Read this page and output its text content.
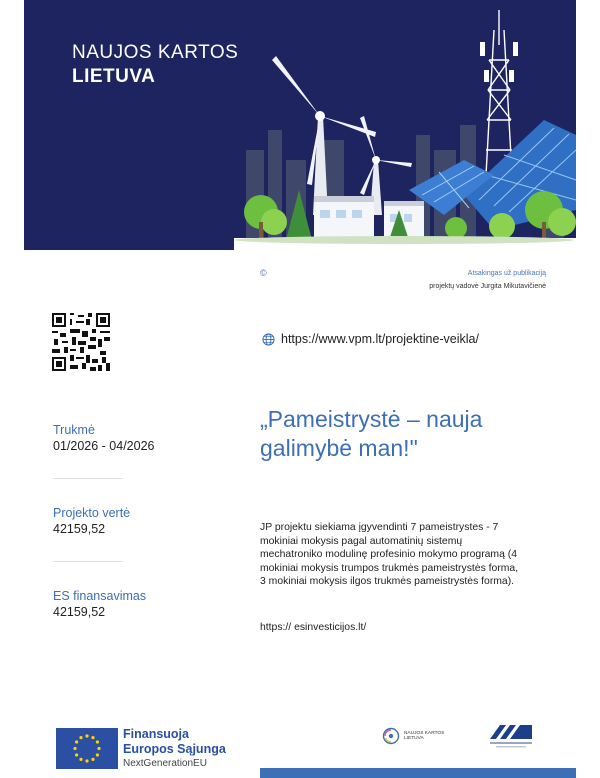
NAUJOS KARTOS
LIETUVA
©	Atsakingas už publikaciją
projektų vadovė Jurgita Mikutavičienė
https://www.vpm.lt/projektine-veikla/
Trukmė
01/2026 - 04/2026
Projekto vertė
42159,52
ES finansavimas
42159,52
„Pameistrystė – nauja galimybė man!"
JP projektu siekiama įgyvendinti 7 pameistrystes - 7 mokiniai mokysis pagal automatinių sistemų mechatroniko modulinę profesinio mokymo programą (4 mokiniai mokysis trumpos trukmės pameistrystės forma, 3 mokiniai mokysis ilgos trukmės pameistrystės forma).
https:// esinvesticijos.lt/
Finansuoja
Europos Sąjunga
NextGenerationEU
NAUJOS KARTOS
LIETUVA
